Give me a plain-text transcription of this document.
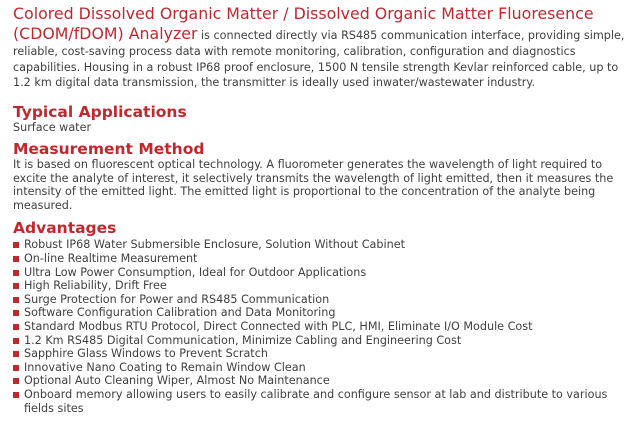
Colored Dissolved Organic Matter / Dissolved Organic Matter Fluoresence
(CDOM/fDOM) Analyzer is connected directly via RS485 communication interface, providing simple, reliable, cost-saving process data with remote monitoring, calibration, configuration and diagnostics capabilities. Housing in a robust IP68 proof enclosure, 1500 N tensile strength Kevlar reinforced cable, up to 1.2 km digital data transmission, the transmitter is ideally used inwater/wastewater industry.

Typical Applications

Surface water

Measurement Method

It is based on fluorescent optical technology. A fluorometer generates the wavelength of light required to excite the analyte of interest, it selectively transmits the wavelength of light emitted, then it measures the intensity of the emitted light. The emitted light is proportional to the concentration of the analyte being measured.

Advantages
Robust IP68 Water Submersible Enclosure, Solution Without Cabinet
On-line Realtime Measurement
Ultra Low Power Consumption, Ideal for Outdoor Applications
High Reliability, Drift Free
Surge Protection for Power and RS485 Communication
Software Configuration Calibration and Data Monitoring
Standard Modbus RTU Protocol, Direct Connected with PLC, HMI, Eliminate I/O Module Cost
1.2 Km RS485 Digital Communication, Minimize Cabling and Engineering Cost
Sapphire Glass Windows to Prevent Scratch
Innovative Nano Coating to Remain Window Clean
Optional Auto Cleaning Wiper, Almost No Maintenance
Onboard memory allowing users to easily calibrate and configure sensor at lab and distribute to various fields sites
